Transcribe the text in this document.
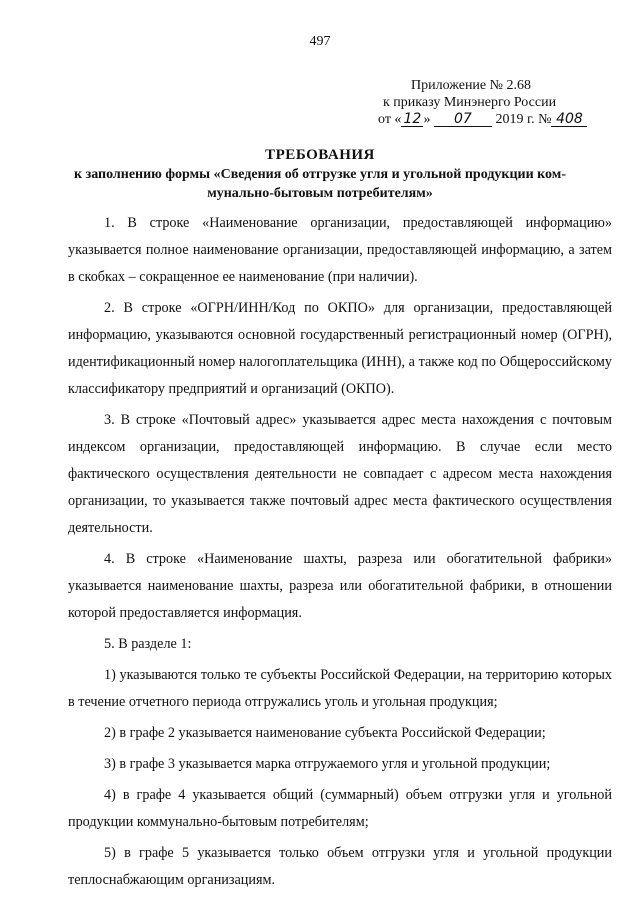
497
Приложение № 2.68
к приказу Минэнерго России
от « 12 » 07 2019 г. № 408
ТРЕБОВАНИЯ
к заполнению формы «Сведения об отгрузке угля и угольной продукции ком-
мунально-бытовым потребителям»

1. В строке «Наименование организации, предоставляющей информацию» указывается полное наименование организации, предоставляющей информацию, а затем в скобках – сокращенное ее наименование (при наличии).

2. В строке «ОГРН/ИНН/Код по ОКПО» для организации, предоставляющей информацию, указываются основной государственный регистрационный номер (ОГРН), идентификационный номер налогоплательщика (ИНН), а также код по Общероссийскому классификатору предприятий и организаций (ОКПО).

3. В строке «Почтовый адрес» указывается адрес места нахождения с почтовым индексом организации, предоставляющей информацию. В случае если место фактического осуществления деятельности не совпадает с адресом места нахождения организации, то указывается также почтовый адрес места фактического осуществления деятельности.

4. В строке «Наименование шахты, разреза или обогатительной фабрики» указывается наименование шахты, разреза или обогатительной фабрики, в отношении которой предоставляется информация.

5. В разделе 1:

1) указываются только те субъекты Российской Федерации, на территорию которых в течение отчетного периода отгружались уголь и угольная продукция;

2) в графе 2 указывается наименование субъекта Российской Федерации;

3) в графе 3 указывается марка отгружаемого угля и угольной продукции;

4) в графе 4 указывается общий (суммарный) объем отгрузки угля и угольной продукции коммунально-бытовым потребителям;

5) в графе 5 указывается только объем отгрузки угля и угольной продукции теплоснабжающим организациям.
